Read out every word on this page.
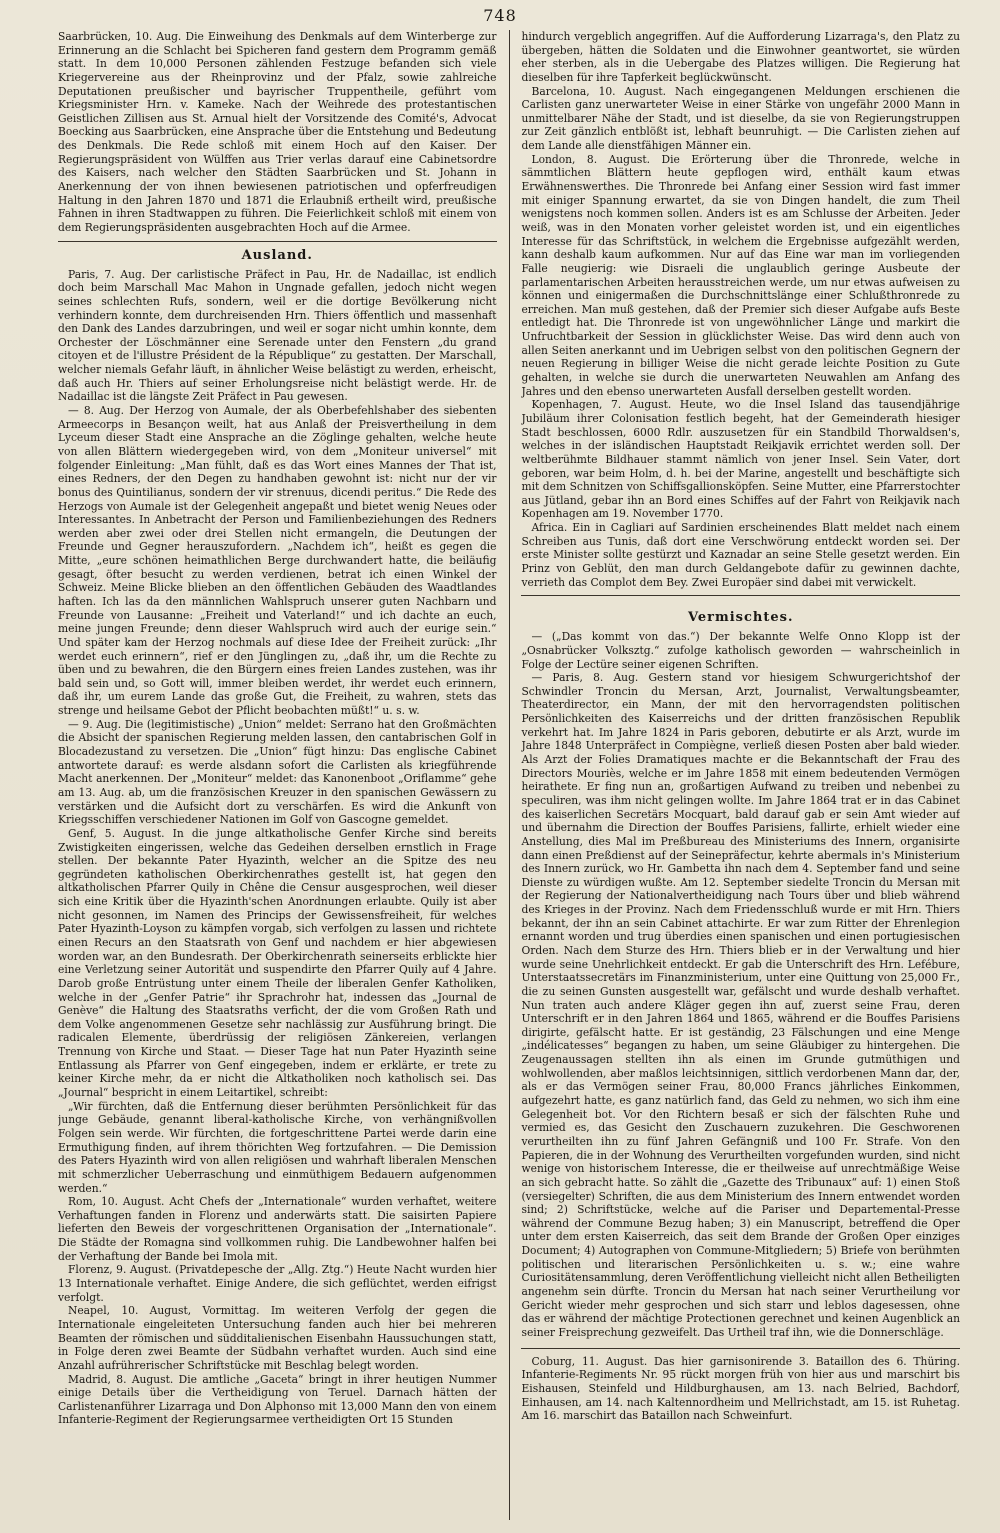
748

Saarbrücken, 10. Aug. Die Einweihung des Denkmals auf dem Winterberge zur Erinnerung an die Schlacht bei Spicheren fand gestern dem Programm gemäß statt. In dem 10,000 Personen zählenden Festzuge befanden sich viele Kriegervereine aus der Rheinprovinz und der Pfalz, sowie zahlreiche Deputationen preußischer und bayrischer Truppentheile, geführt vom Kriegsminister Hrn. v. Kameke. Nach der Weihrede des protestantischen Geistlichen Zillisen aus St. Arnual hielt der Vorsitzende des Comité's, Advocat Boecking aus Saarbrücken, eine Ansprache über die Entstehung und Bedeutung des Denkmals. Die Rede schloß mit einem Hoch auf den Kaiser. Der Regierungspräsident von Wülffen aus Trier verlas darauf eine Cabinetsordre des Kaisers, nach welcher den Städten Saarbrücken und St. Johann in Anerkennung der von ihnen bewiesenen patriotischen und opferfreudigen Haltung in den Jahren 1870 und 1871 die Erlaubniß ertheilt wird, preußische Fahnen in ihren Stadtwappen zu führen. Die Feierlichkeit schloß mit einem von dem Regierungspräsidenten ausgebrachten Hoch auf die Armee.

Ausland.

Paris, 7. Aug. Der carlistische Präfect in Pau, Hr. de Nadaillac, ist endlich doch beim Marschall Mac Mahon in Ungnade gefallen, jedoch nicht wegen seines schlechten Rufs, sondern, weil er die dortige Bevölkerung nicht verhindern konnte, dem durchreisenden Hrn. Thiers öffentlich und massenhaft den Dank des Landes darzubringen, und weil er sogar nicht umhin konnte, dem Orchester der Löschmänner eine Serenade unter den Fenstern „du grand citoyen et de l'illustre Président de la République“ zu gestatten. Der Marschall, welcher niemals Gefahr läuft, in ähnlicher Weise belästigt zu werden, erheischt, daß auch Hr. Thiers auf seiner Erholungsreise nicht belästigt werde. Hr. de Nadaillac ist die längste Zeit Präfect in Pau gewesen.

— 8. Aug. Der Herzog von Aumale, der als Oberbefehlshaber des siebenten Armeecorps in Besançon weilt, hat aus Anlaß der Preisvertheilung in dem Lyceum dieser Stadt eine Ansprache an die Zöglinge gehalten, welche heute von allen Blättern wiedergegeben wird, von dem „Moniteur universel“ mit folgender Einleitung: „Man fühlt, daß es das Wort eines Mannes der That ist, eines Redners, der den Degen zu handhaben gewohnt ist: nicht nur der vir bonus des Quintilianus, sondern der vir strenuus, dicendi peritus.“ Die Rede des Herzogs von Aumale ist der Gelegenheit angepaßt und bietet wenig Neues oder Interessantes. In Anbetracht der Person und Familienbeziehungen des Redners werden aber zwei oder drei Stellen nicht ermangeln, die Deutungen der Freunde und Gegner herauszufordern. „Nachdem ich“, heißt es gegen die Mitte, „eure schönen heimathlichen Berge durchwandert hatte, die beiläufig gesagt, öfter besucht zu werden verdienen, betrat ich einen Winkel der Schweiz. Meine Blicke blieben an den öffentlichen Gebäuden des Waadtlandes haften. Ich las da den männlichen Wahlspruch unserer guten Nachbarn und Freunde von Lausanne: „Freiheit und Vaterland!“ und ich dachte an euch, meine jungen Freunde; denn dieser Wahlspruch wird auch der eurige sein.“ Und später kam der Herzog nochmals auf diese Idee der Freiheit zurück: „Ihr werdet euch erinnern“, rief er den Jünglingen zu, „daß ihr, um die Rechte zu üben und zu bewahren, die den Bürgern eines freien Landes zustehen, was ihr bald sein und, so Gott will, immer bleiben werdet, ihr werdet euch erinnern, daß ihr, um eurem Lande das große Gut, die Freiheit, zu wahren, stets das strenge und heilsame Gebot der Pflicht beobachten müßt!“ u. s. w.

— 9. Aug. Die (legitimistische) „Union“ meldet: Serrano hat den Großmächten die Absicht der spanischen Regierung melden lassen, den cantabrischen Golf in Blocadezustand zu versetzen. Die „Union“ fügt hinzu: Das englische Cabinet antwortete darauf: es werde alsdann sofort die Carlisten als kriegführende Macht anerkennen. Der „Moniteur“ meldet: das Kanonenboot „Oriflamme“ gehe am 13. Aug. ab, um die französischen Kreuzer in den spanischen Gewässern zu verstärken und die Aufsicht dort zu verschärfen. Es wird die Ankunft von Kriegsschiffen verschiedener Nationen im Golf von Gascogne gemeldet.

Genf, 5. August. In die junge altkatholische Genfer Kirche sind bereits Zwistigkeiten eingerissen, welche das Gedeihen derselben ernstlich in Frage stellen. Der bekannte Pater Hyazinth, welcher an die Spitze des neu gegründeten katholischen Oberkirchenrathes gestellt ist, hat gegen den altkatholischen Pfarrer Quily in Chêne die Censur ausgesprochen, weil dieser sich eine Kritik über die Hyazinth'schen Anordnungen erlaubte. Quily ist aber nicht gesonnen, im Namen des Princips der Gewissensfreiheit, für welches Pater Hyazinth-Loyson zu kämpfen vorgab, sich verfolgen zu lassen und richtete einen Recurs an den Staatsrath von Genf und nachdem er hier abgewiesen worden war, an den Bundesrath. Der Oberkirchenrath seinerseits erblickte hier eine Verletzung seiner Autorität und suspendirte den Pfarrer Quily auf 4 Jahre. Darob große Entrüstung unter einem Theile der liberalen Genfer Katholiken, welche in der „Genfer Patrie“ ihr Sprachrohr hat, indessen das „Journal de Genève“ die Haltung des Staatsraths verficht, der die vom Großen Rath und dem Volke angenommenen Gesetze sehr nachlässig zur Ausführung bringt. Die radicalen Elemente, überdrüssig der religiösen Zänkereien, verlangen Trennung von Kirche und Staat. — Dieser Tage hat nun Pater Hyazinth seine Entlassung als Pfarrer von Genf eingegeben, indem er erklärte, er trete zu keiner Kirche mehr, da er nicht die Altkatholiken noch katholisch sei. Das „Journal“ bespricht in einem Leitartikel, schreibt:

„Wir fürchten, daß die Entfernung dieser berühmten Persönlichkeit für das junge Gebäude, genannt liberal-katholische Kirche, von verhängnißvollen Folgen sein werde. Wir fürchten, die fortgeschrittene Partei werde darin eine Ermuthigung finden, auf ihrem thörichten Weg fortzufahren. — Die Demission des Paters Hyazinth wird von allen religiösen und wahrhaft liberalen Menschen mit schmerzlicher Ueberraschung und einmüthigem Bedauern aufgenommen werden.“

Rom, 10. August. Acht Chefs der „Internationale“ wurden verhaftet, weitere Verhaftungen fanden in Florenz und anderwärts statt. Die saisirten Papiere lieferten den Beweis der vorgeschrittenen Organisation der „Internationale“. Die Städte der Romagna sind vollkommen ruhig. Die Landbewohner halfen bei der Verhaftung der Bande bei Imola mit.

Florenz, 9. August. (Privatdepesche der „Allg. Ztg.“) Heute Nacht wurden hier 13 Internationale verhaftet. Einige Andere, die sich geflüchtet, werden eifrigst verfolgt.

Neapel, 10. August, Vormittag. Im weiteren Verfolg der gegen die Internationale eingeleiteten Untersuchung fanden auch hier bei mehreren Beamten der römischen und südditalienischen Eisenbahn Haussuchungen statt, in Folge deren zwei Beamte der Südbahn verhaftet wurden. Auch sind eine Anzahl aufrührerischer Schriftstücke mit Beschlag belegt worden.

Madrid, 8. August. Die amtliche „Gaceta“ bringt in ihrer heutigen Nummer einige Details über die Vertheidigung von Teruel. Darnach hätten der Carlistenanführer Lizarraga und Don Alphonso mit 13,000 Mann den von einem Infanterie-Regiment der Regierungsarmee vertheidigten Ort 15 Stunden

hindurch vergeblich angegriffen. Auf die Aufforderung Lizarraga's, den Platz zu übergeben, hätten die Soldaten und die Einwohner geantwortet, sie würden eher sterben, als in die Uebergabe des Platzes willigen. Die Regierung hat dieselben für ihre Tapferkeit beglückwünscht.

Barcelona, 10. August. Nach eingegangenen Meldungen erschienen die Carlisten ganz unerwarteter Weise in einer Stärke von ungefähr 2000 Mann in unmittelbarer Nähe der Stadt, und ist dieselbe, da sie von Regierungstruppen zur Zeit gänzlich entblößt ist, lebhaft beunruhigt. — Die Carlisten ziehen auf dem Lande alle dienstfähigen Männer ein.

London, 8. August. Die Erörterung über die Thronrede, welche in sämmtlichen Blättern heute gepflogen wird, enthält kaum etwas Erwähnenswerthes. Die Thronrede bei Anfang einer Session wird fast immer mit einiger Spannung erwartet, da sie von Dingen handelt, die zum Theil wenigstens noch kommen sollen. Anders ist es am Schlusse der Arbeiten. Jeder weiß, was in den Monaten vorher geleistet worden ist, und ein eigentliches Interesse für das Schriftstück, in welchem die Ergebnisse aufgezählt werden, kann deshalb kaum aufkommen. Nur auf das Eine war man im vorliegenden Falle neugierig: wie Disraeli die unglaublich geringe Ausbeute der parlamentarischen Arbeiten herausstreichen werde, um nur etwas aufweisen zu können und einigermaßen die Durchschnittslänge einer Schlußthronrede zu erreichen. Man muß gestehen, daß der Premier sich dieser Aufgabe aufs Beste entledigt hat. Die Thronrede ist von ungewöhnlicher Länge und markirt die Unfruchtbarkeit der Session in glücklichster Weise. Das wird denn auch von allen Seiten anerkannt und im Uebrigen selbst von den politischen Gegnern der neuen Regierung in billiger Weise die nicht gerade leichte Position zu Gute gehalten, in welche sie durch die unerwarteten Neuwahlen am Anfang des Jahres und den ebenso unerwarteten Ausfall derselben gestellt worden.

Kopenhagen, 7. August. Heute, wo die Insel Island das tausendjährige Jubiläum ihrer Colonisation festlich begeht, hat der Gemeinderath hiesiger Stadt beschlossen, 6000 Rdlr. auszusetzen für ein Standbild Thorwaldsen's, welches in der isländischen Hauptstadt Reikjavik errichtet werden soll. Der weltberühmte Bildhauer stammt nämlich von jener Insel. Sein Vater, dort geboren, war beim Holm, d. h. bei der Marine, angestellt und beschäftigte sich mit dem Schnitzen von Schiffsgallionsköpfen. Seine Mutter, eine Pfarrerstochter aus Jütland, gebar ihn an Bord eines Schiffes auf der Fahrt von Reikjavik nach Kopenhagen am 19. November 1770.

Africa. Ein in Cagliari auf Sardinien erscheinendes Blatt meldet nach einem Schreiben aus Tunis, daß dort eine Verschwörung entdeckt worden sei. Der erste Minister sollte gestürzt und Kaznadar an seine Stelle gesetzt werden. Ein Prinz von Geblüt, den man durch Geldangebote dafür zu gewinnen dachte, verrieth das Complot dem Bey. Zwei Europäer sind dabei mit verwickelt.

Vermischtes.

— („Das kommt von das.“) Der bekannte Welfe Onno Klopp ist der „Osnabrücker Volksztg.“ zufolge katholisch geworden — wahrscheinlich in Folge der Lectüre seiner eigenen Schriften.

— Paris, 8. Aug. Gestern stand vor hiesigem Schwurgerichtshof der Schwindler Troncin du Mersan, Arzt, Journalist, Verwaltungsbeamter, Theaterdirector, ein Mann, der mit den hervorragendsten politischen Persönlichkeiten des Kaiserreichs und der dritten französischen Republik verkehrt hat. Im Jahre 1824 in Paris geboren, debutirte er als Arzt, wurde im Jahre 1848 Unterpräfect in Compiègne, verließ diesen Posten aber bald wieder. Als Arzt der Folies Dramatiques machte er die Bekanntschaft der Frau des Directors Mouriès, welche er im Jahre 1858 mit einem bedeutenden Vermögen heirathete. Er fing nun an, großartigen Aufwand zu treiben und nebenbei zu speculiren, was ihm nicht gelingen wollte. Im Jahre 1864 trat er in das Cabinet des kaiserlichen Secretärs Mocquart, bald darauf gab er sein Amt wieder auf und übernahm die Direction der Bouffes Parisiens, fallirte, erhielt wieder eine Anstellung, dies Mal im Preßbureau des Ministeriums des Innern, organisirte dann einen Preßdienst auf der Seinepräfectur, kehrte abermals in's Ministerium des Innern zurück, wo Hr. Gambetta ihn nach dem 4. September fand und seine Dienste zu würdigen wußte. Am 12. September siedelte Troncin du Mersan mit der Regierung der Nationalvertheidigung nach Tours über und blieb während des Krieges in der Provinz. Nach dem Friedensschluß wurde er mit Hrn. Thiers bekannt, der ihn an sein Cabinet attachirte. Er war zum Ritter der Ehrenlegion ernannt worden und trug überdies einen spanischen und einen portugiesischen Orden. Nach dem Sturze des Hrn. Thiers blieb er in der Verwaltung und hier wurde seine Unehrlichkeit entdeckt. Er gab die Unterschrift des Hrn. Lefébure, Unterstaatssecretärs im Finanzministerium, unter eine Quittung von 25,000 Fr., die zu seinen Gunsten ausgestellt war, gefälscht und wurde deshalb verhaftet. Nun traten auch andere Kläger gegen ihn auf, zuerst seine Frau, deren Unterschrift er in den Jahren 1864 und 1865, während er die Bouffes Parisiens dirigirte, gefälscht hatte. Er ist geständig, 23 Fälschungen und eine Menge „indélicatesses“ begangen zu haben, um seine Gläubiger zu hintergehen. Die Zeugenaussagen stellten ihn als einen im Grunde gutmüthigen und wohlwollenden, aber maßlos leichtsinnigen, sittlich verdorbenen Mann dar, der, als er das Vermögen seiner Frau, 80,000 Francs jährliches Einkommen, aufgezehrt hatte, es ganz natürlich fand, das Geld zu nehmen, wo sich ihm eine Gelegenheit bot. Vor den Richtern besaß er sich der fälschten Ruhe und vermied es, das Gesicht den Zuschauern zuzukehren. Die Geschworenen verurtheilten ihn zu fünf Jahren Gefängniß und 100 Fr. Strafe. Von den Papieren, die in der Wohnung des Verurtheilten vorgefunden wurden, sind nicht wenige von historischem Interesse, die er theilweise auf unrechtmäßige Weise an sich gebracht hatte. So zählt die „Gazette des Tribunaux“ auf: 1) einen Stoß (versiegelter) Schriften, die aus dem Ministerium des Innern entwendet worden sind; 2) Schriftstücke, welche auf die Pariser und Departemental-Presse während der Commune Bezug haben; 3) ein Manuscript, betreffend die Oper unter dem ersten Kaiserreich, das seit dem Brande der Großen Oper einziges Document; 4) Autographen von Commune-Mitgliedern; 5) Briefe von berühmten politischen und literarischen Persönlichkeiten u. s. w.; eine wahre Curiositätensammlung, deren Veröffentlichung vielleicht nicht allen Betheiligten angenehm sein dürfte. Troncin du Mersan hat nach seiner Verurtheilung vor Gericht wieder mehr gesprochen und sich starr und leblos dagesessen, ohne das er während der mächtige Protectionen gerechnet und keinen Augenblick an seiner Freisprechung gezweifelt. Das Urtheil traf ihn, wie die Donnerschläge.

Coburg, 11. August. Das hier garnisonirende 3. Bataillon des 6. Thüring. Infanterie-Regiments Nr. 95 rückt morgen früh von hier aus und marschirt bis Eishausen, Steinfeld und Hildburghausen, am 13. nach Belried, Bachdorf, Einhausen, am 14. nach Kaltennordheim und Mellrichstadt, am 15. ist Ruhetag. Am 16. marschirt das Bataillon nach Schweinfurt.
